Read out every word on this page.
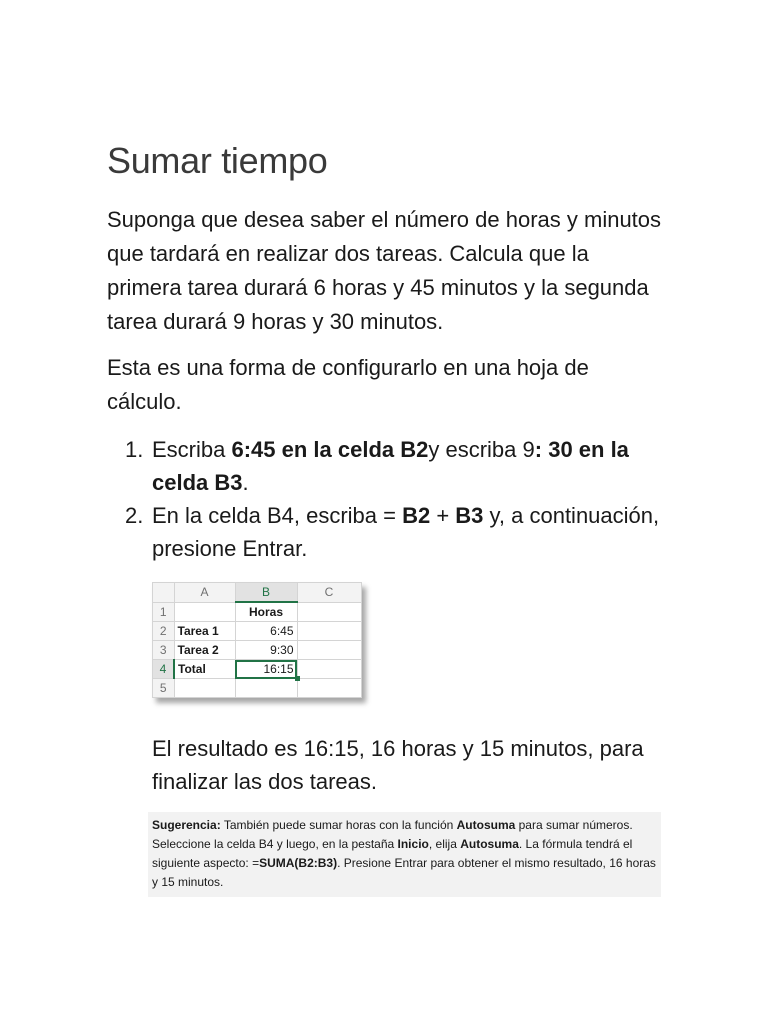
Sumar tiempo
Suponga que desea saber el número de horas y minutos que tardará en realizar dos tareas. Calcula que la primera tarea durará 6 horas y 45 minutos y la segunda tarea durará 9 horas y 30 minutos.
Esta es una forma de configurarlo en una hoja de cálculo.
1. Escriba 6:45 en la celda B2y escriba 9: 30 en la celda B3.
2. En la celda B4, escriba = B2 + B3 y, a continuación, presione Entrar.
	A	B	C
1		Horas	
2	Tarea 1	6:45	
3	Tarea 2	9:30	
4	Total	16:15	
5			
El resultado es 16:15, 16 horas y 15 minutos, para finalizar las dos tareas.
Sugerencia: También puede sumar horas con la función Autosuma para sumar números. Seleccione la celda B4 y luego, en la pestaña Inicio, elija Autosuma. La fórmula tendrá el siguiente aspecto: =SUMA(B2:B3). Presione Entrar para obtener el mismo resultado, 16 horas y 15 minutos.
